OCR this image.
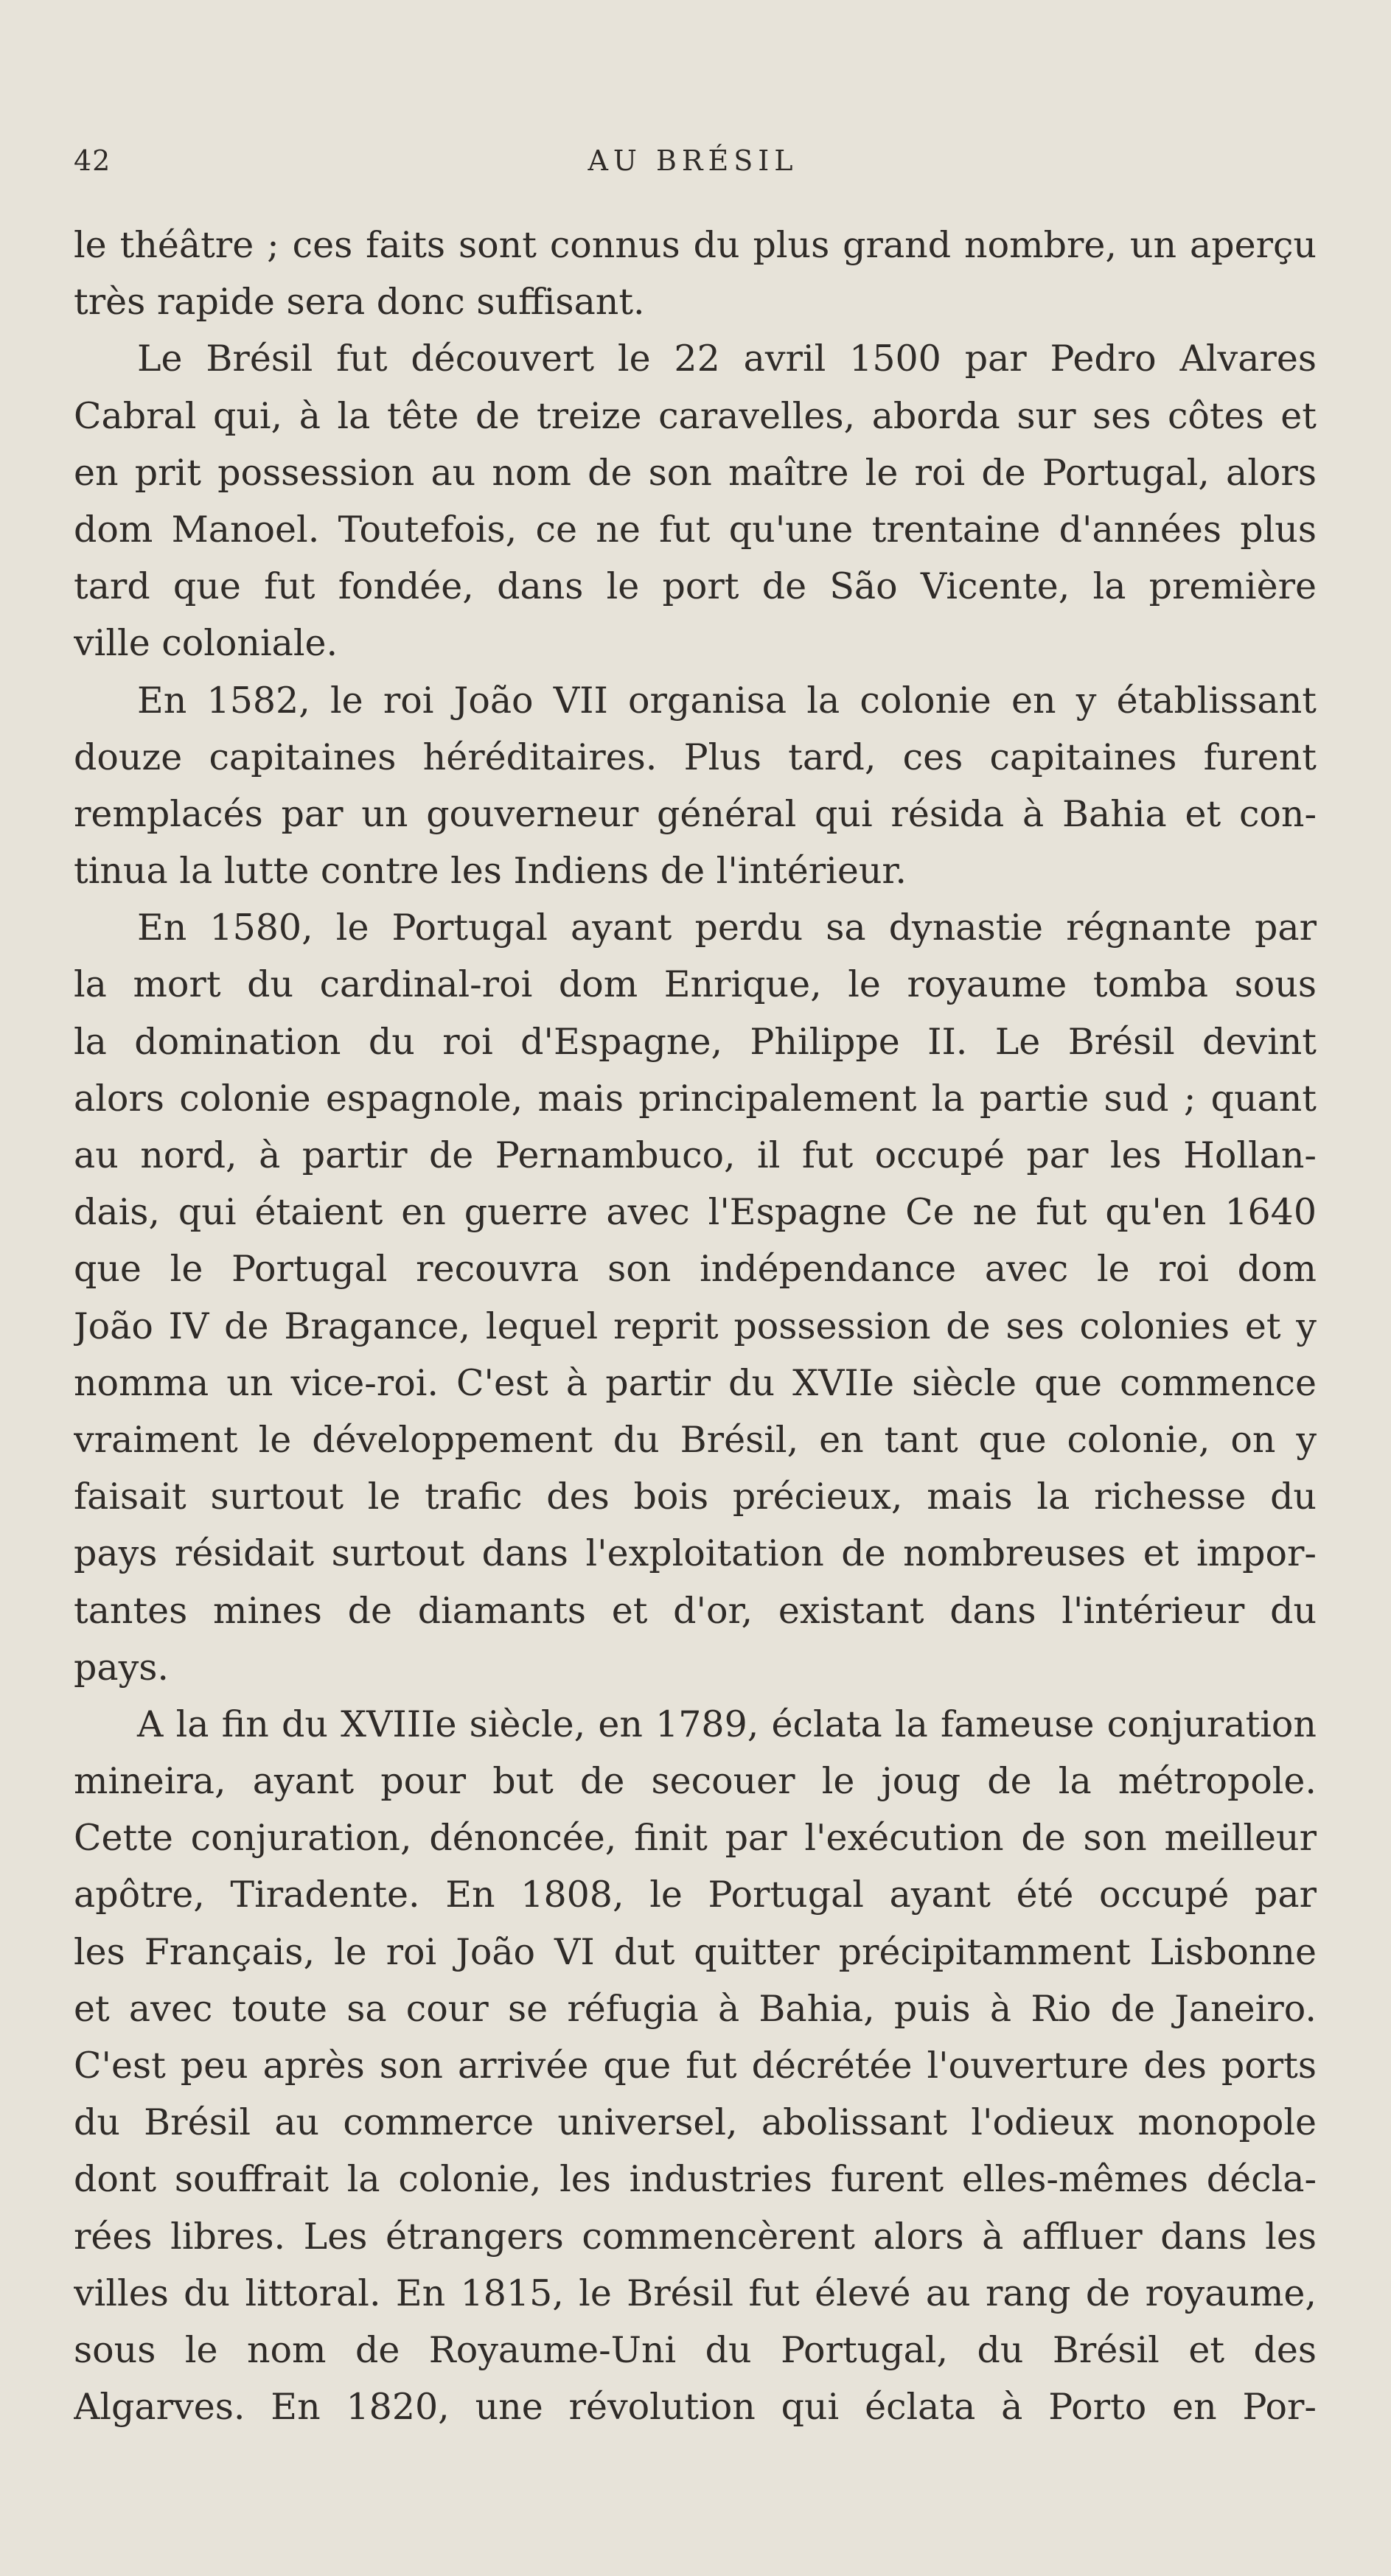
42	AU BRÉSIL
le théâtre ; ces faits sont connus du plus grand nombre, un aperçu
très rapide sera donc suffisant.
Le Brésil fut découvert le 22 avril 1500 par Pedro Alvares
Cabral qui, à la tête de treize caravelles, aborda sur ses côtes et
en prit possession au nom de son maître le roi de Portugal, alors
dom Manoel. Toutefois, ce ne fut qu'une trentaine d'années plus
tard que fut fondée, dans le port de São Vicente, la première
ville coloniale.
En 1582, le roi João VII organisa la colonie en y établissant
douze capitaines héréditaires. Plus tard, ces capitaines furent
remplacés par un gouverneur général qui résida à Bahia et con-
tinua la lutte contre les Indiens de l'intérieur.
En 1580, le Portugal ayant perdu sa dynastie régnante par
la mort du cardinal-roi dom Enrique, le royaume tomba sous
la domination du roi d'Espagne, Philippe II. Le Brésil devint
alors colonie espagnole, mais principalement la partie sud ; quant
au nord, à partir de Pernambuco, il fut occupé par les Hollan-
dais, qui étaient en guerre avec l'Espagne Ce ne fut qu'en 1640
que le Portugal recouvra son indépendance avec le roi dom
João IV de Bragance, lequel reprit possession de ses colonies et y
nomma un vice-roi. C'est à partir du XVIIe siècle que commence
vraiment le développement du Brésil, en tant que colonie, on y
faisait surtout le trafic des bois précieux, mais la richesse du
pays résidait surtout dans l'exploitation de nombreuses et impor-
tantes mines de diamants et d'or, existant dans l'intérieur du
pays.
A la fin du XVIIIe siècle, en 1789, éclata la fameuse conjuration
mineira, ayant pour but de secouer le joug de la métropole.
Cette conjuration, dénoncée, finit par l'exécution de son meilleur
apôtre, Tiradente. En 1808, le Portugal ayant été occupé par
les Français, le roi João VI dut quitter précipitamment Lisbonne
et avec toute sa cour se réfugia à Bahia, puis à Rio de Janeiro.
C'est peu après son arrivée que fut décrétée l'ouverture des ports
du Brésil au commerce universel, abolissant l'odieux monopole
dont souffrait la colonie, les industries furent elles-mêmes décla-
rées libres. Les étrangers commencèrent alors à affluer dans les
villes du littoral. En 1815, le Brésil fut élevé au rang de royaume,
sous le nom de Royaume-Uni du Portugal, du Brésil et des
Algarves. En 1820, une révolution qui éclata à Porto en Por-
